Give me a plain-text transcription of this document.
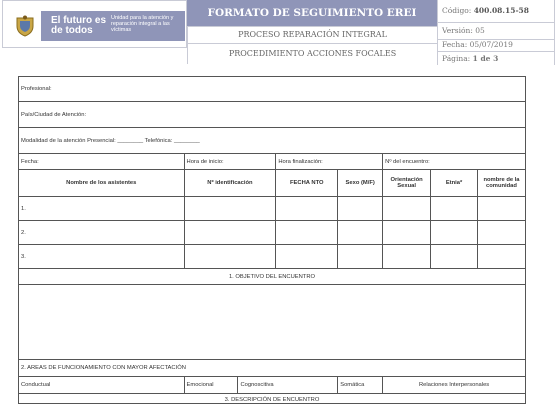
El futuro es de todos
Unidad para la atención y reparación integral a las víctimas
FORMATO DE SEGUIMIENTO EREI
PROCESO REPARACIÓN INTEGRAL
PROCEDIMIENTO ACCIONES FOCALES
Código: 400.08.15-58
Versión: 05
Fecha: 05/07/2019
Página: 1 de 3
Profesional:							
País/Ciudad de Atención:							
Modalidad de la atención Presencial: ________ Telefónica: ________							
Fecha:	Hora de inicio:		Hora finalización:		Nº del encuentro:		
Nombre de los asistentes	Nº identificación		FECHA NTO	Sexo (M/F)	Orientación Sexual	Etnia*	nombre de la comunidad
1.							
2.							
3.							
1. OBJETIVO DEL ENCUENTRO							

2. AREAS DE FUNCIONAMIENTO CON MAYOR AFECTACIÓN							
Conductual	Emocional	Cognoscitiva		Somática	Relaciones Interpersonales		
3. DESCRIPCIÓN DE ENCUENTRO							
